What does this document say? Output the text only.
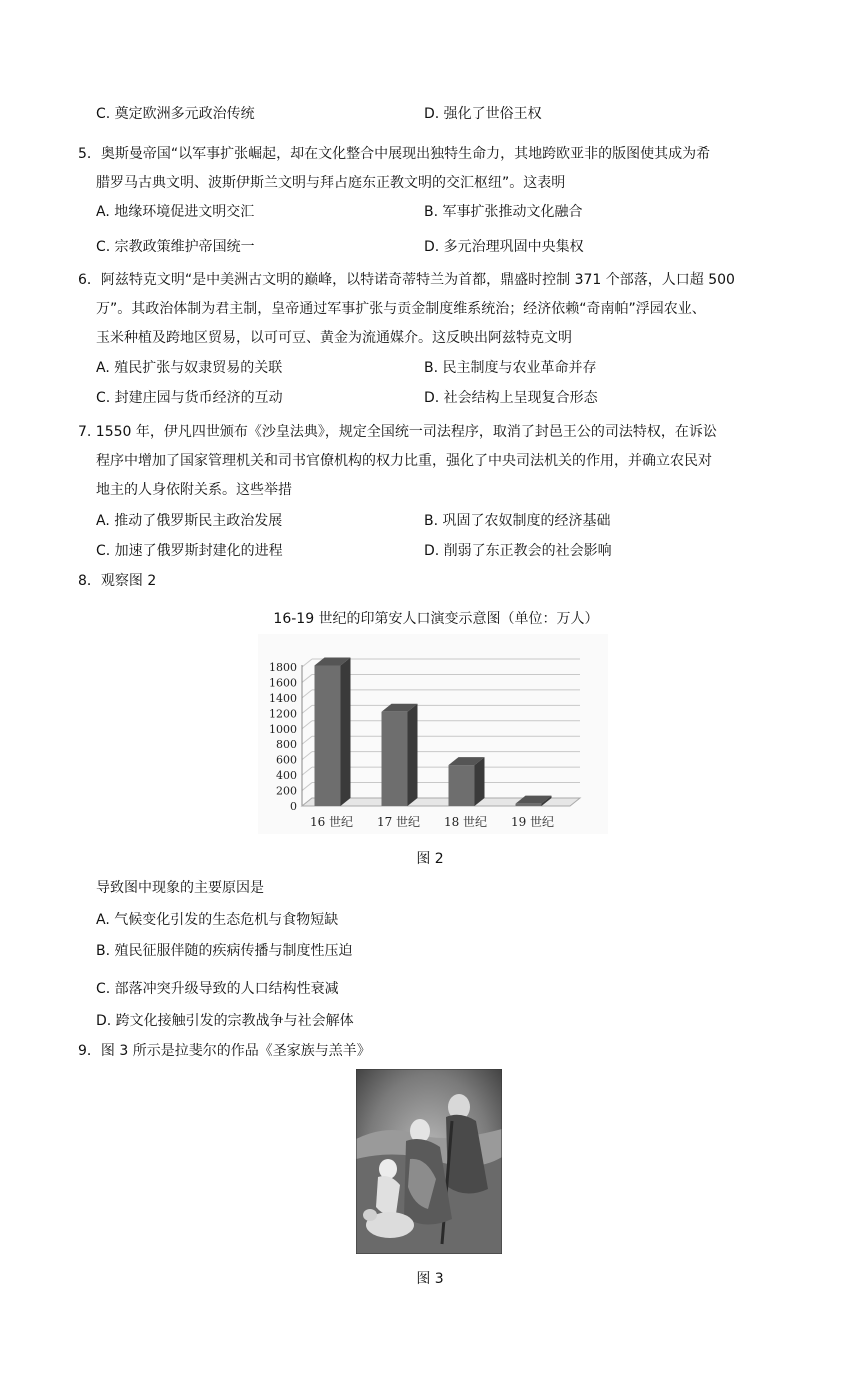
C. 奠定欧洲多元政治传统	D. 强化了世俗王权
5．奥斯曼帝国“以军事扩张崛起，却在文化整合中展现出独特生命力，其地跨欧亚非的版图使其成为希
腊罗马古典文明、波斯伊斯兰文明与拜占庭东正教文明的交汇枢纽”。这表明
A. 地缘环境促进文明交汇	B. 军事扩张推动文化融合
C. 宗教政策维护帝国统一	D. 多元治理巩固中央集权
6．阿兹特克文明“是中美洲古文明的巅峰，以特诺奇蒂特兰为首都，鼎盛时控制 371 个部落，人口超 500
万”。其政治体制为君主制，皇帝通过军事扩张与贡金制度维系统治；经济依赖“奇南帕”浮园农业、
玉米种植及跨地区贸易，以可可豆、黄金为流通媒介。这反映出阿兹特克文明
A. 殖民扩张与奴隶贸易的关联	B. 民主制度与农业革命并存
C. 封建庄园与货币经济的互动	D. 社会结构上呈现复合形态
7. 1550 年，伊凡四世颁布《沙皇法典》，规定全国统一司法程序，取消了封邑王公的司法特权，在诉讼
程序中增加了国家管理机关和司书官僚机构的权力比重，强化了中央司法机关的作用，并确立农民对
地主的人身依附关系。这些举措
A. 推动了俄罗斯民主政治发展	B. 巩固了农奴制度的经济基础
C. 加速了俄罗斯封建化的进程	D. 削弱了东正教会的社会影响
8．观察图 2
16-19 世纪的印第安人口演变示意图（单位：万人）
0
200
400
600
800
1000
1200
1400
1600
1800
16 世纪 17 世纪 18 世纪 19 世纪
图 2
导致图中现象的主要原因是
A. 气候变化引发的生态危机与食物短缺
B. 殖民征服伴随的疾病传播与制度性压迫
C. 部落冲突升级导致的人口结构性衰减
D. 跨文化接触引发的宗教战争与社会解体
9．图 3 所示是拉斐尔的作品《圣家族与羔羊》
图 3
